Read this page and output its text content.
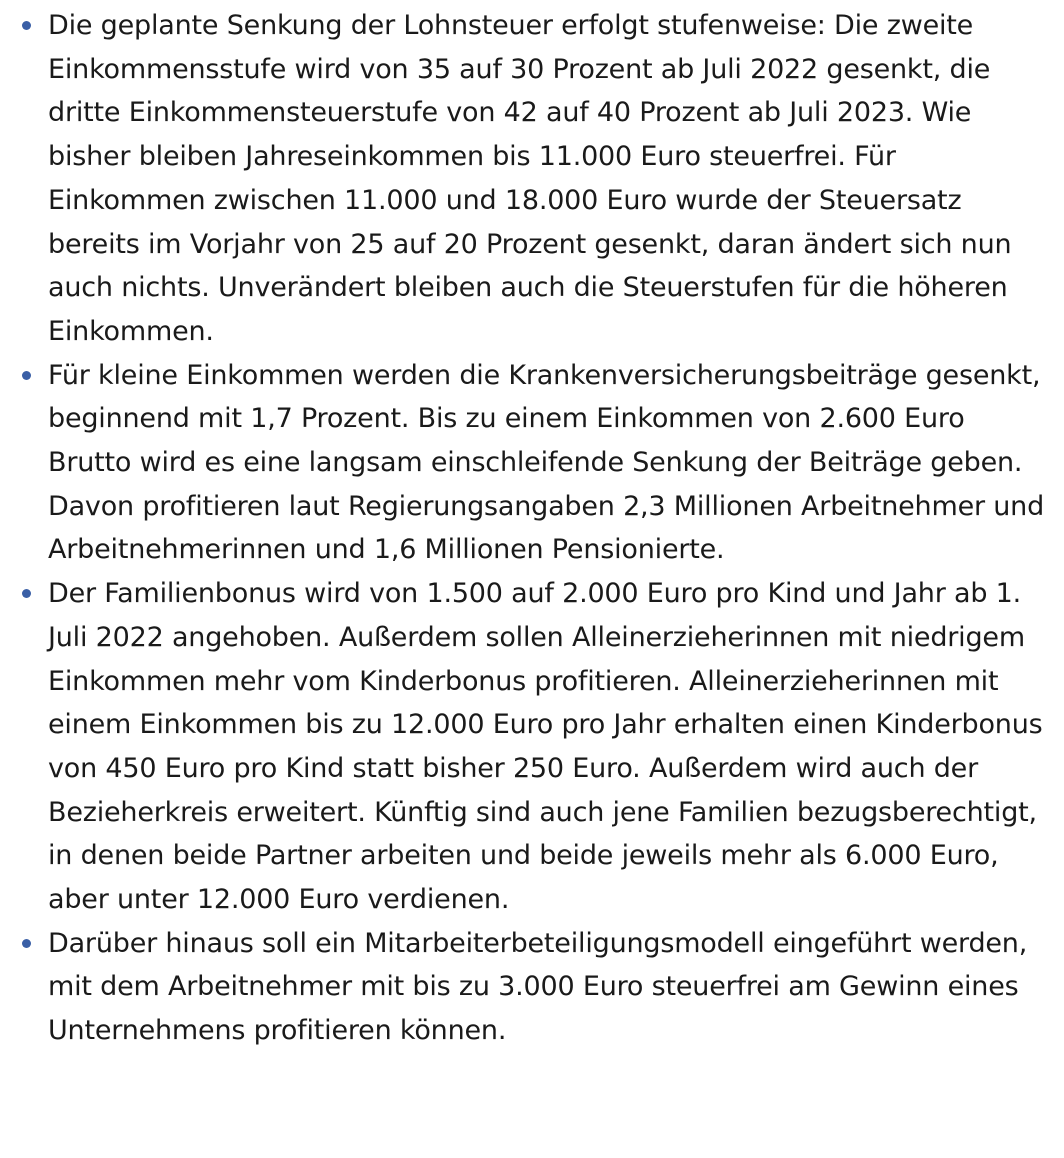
Die geplante Senkung der Lohnsteuer erfolgt stufenweise: Die zweite Einkommensstufe wird von 35 auf 30 Prozent ab Juli 2022 gesenkt, die dritte Einkommensteuerstufe von 42 auf 40 Prozent ab Juli 2023. Wie bisher bleiben Jahreseinkommen bis 11.000 Euro steuerfrei. Für Einkommen zwischen 11.000 und 18.000 Euro wurde der Steuersatz bereits im Vorjahr von 25 auf 20 Prozent gesenkt, daran ändert sich nun auch nichts. Unverändert bleiben auch die Steuerstufen für die höheren Einkommen.
Für kleine Einkommen werden die Krankenversicherungsbeiträge gesenkt, beginnend mit 1,7 Prozent. Bis zu einem Einkommen von 2.600 Euro Brutto wird es eine langsam einschleifende Senkung der Beiträge geben. Davon profitieren laut Regierungsangaben 2,3 Millionen Arbeitnehmer und Arbeitnehmerinnen und 1,6 Millionen Pensionierte.
Der Familienbonus wird von 1.500 auf 2.000 Euro pro Kind und Jahr ab 1. Juli 2022 angehoben. Außerdem sollen Alleinerzieherinnen mit niedrigem Einkommen mehr vom Kinderbonus profitieren. Alleinerzieherinnen mit einem Einkommen bis zu 12.000 Euro pro Jahr erhalten einen Kinderbonus von 450 Euro pro Kind statt bisher 250 Euro. Außerdem wird auch der Bezieherkreis erweitert. Künftig sind auch jene Familien bezugsberechtigt, in denen beide Partner arbeiten und beide jeweils mehr als 6.000 Euro, aber unter 12.000 Euro verdienen.
Darüber hinaus soll ein Mitarbeiterbeteiligungsmodell eingeführt werden, mit dem Arbeitnehmer mit bis zu 3.000 Euro steuerfrei am Gewinn eines Unternehmens profitieren können.
